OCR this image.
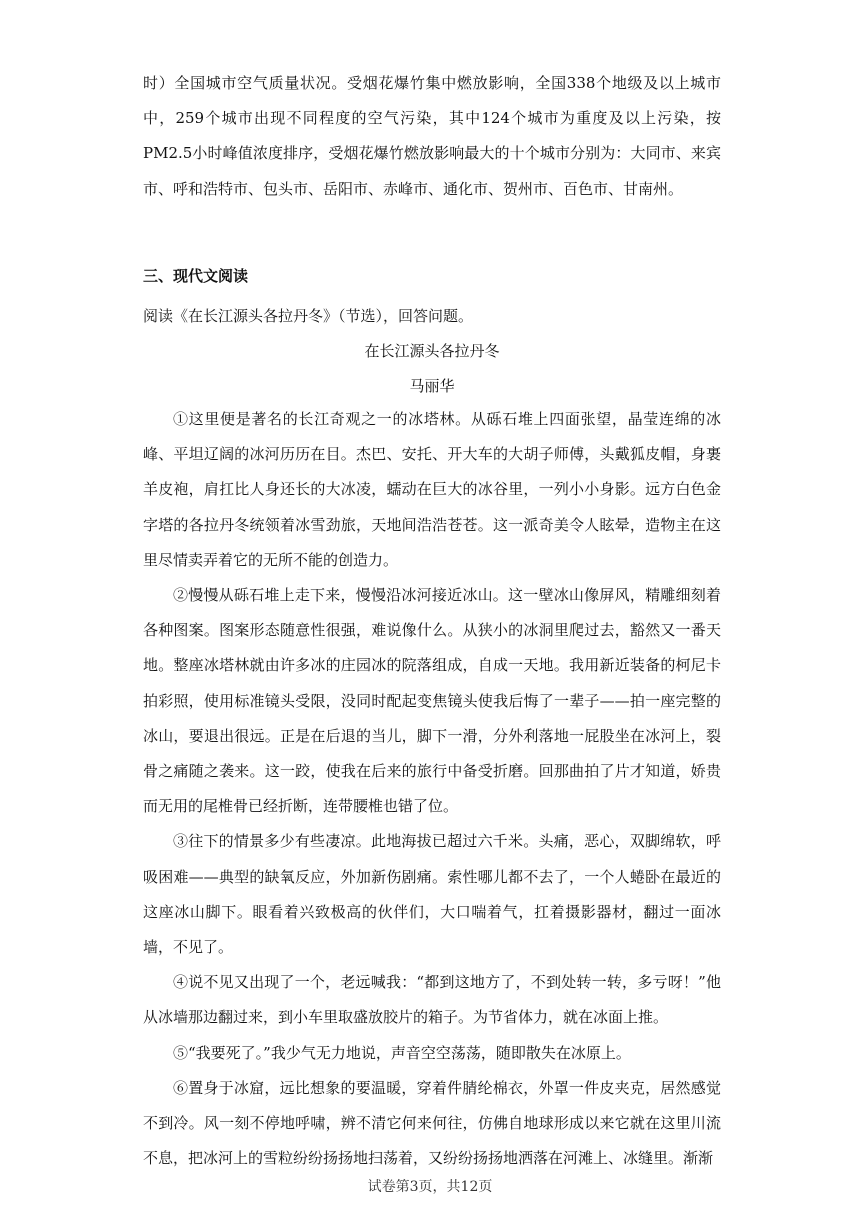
时）全国城市空气质量状况。受烟花爆竹集中燃放影响，全国338个地级及以上城市中，259个城市出现不同程度的空气污染，其中124个城市为重度及以上污染，按PM2.5小时峰值浓度排序，受烟花爆竹燃放影响最大的十个城市分别为：大同市、来宾市、呼和浩特市、包头市、岳阳市、赤峰市、通化市、贺州市、百色市、甘南州。

三、现代文阅读

阅读《在长江源头各拉丹冬》（节选），回答问题。

在长江源头各拉丹冬

马丽华

①这里便是著名的长江奇观之一的冰塔林。从砾石堆上四面张望，晶莹连绵的冰峰、平坦辽阔的冰河历历在目。杰巴、安托、开大车的大胡子师傅，头戴狐皮帽，身裹羊皮袍，肩扛比人身还长的大冰凌，蠕动在巨大的冰谷里，一列小小身影。远方白色金字塔的各拉丹冬统领着冰雪劲旅，天地间浩浩苍苍。这一派奇美令人眩晕，造物主在这里尽情卖弄着它的无所不能的创造力。

②慢慢从砾石堆上走下来，慢慢沿冰河接近冰山。这一壁冰山像屏风，精雕细刻着各种图案。图案形态随意性很强，难说像什么。从狭小的冰洞里爬过去，豁然又一番天地。整座冰塔林就由许多冰的庄园冰的院落组成，自成一天地。我用新近装备的柯尼卡拍彩照，使用标准镜头受限，没同时配起变焦镜头使我后悔了一辈子——拍一座完整的冰山，要退出很远。正是在后退的当儿，脚下一滑，分外利落地一屁股坐在冰河上，裂骨之痛随之袭来。这一跤，使我在后来的旅行中备受折磨。回那曲拍了片才知道，娇贵而无用的尾椎骨已经折断，连带腰椎也错了位。

③往下的情景多少有些凄凉。此地海拔已超过六千米。头痛，恶心，双脚绵软，呼吸困难——典型的缺氧反应，外加新伤剧痛。索性哪儿都不去了，一个人蜷卧在最近的这座冰山脚下。眼看着兴致极高的伙伴们，大口喘着气，扛着摄影器材，翻过一面冰墙，不见了。

④说不见又出现了一个，老远喊我：“都到这地方了，不到处转一转，多亏呀！”他从冰墙那边翻过来，到小车里取盛放胶片的箱子。为节省体力，就在冰面上推。

⑤“我要死了。”我少气无力地说，声音空空荡荡，随即散失在冰原上。

⑥置身于冰窟，远比想象的要温暖，穿着件腈纶棉衣，外罩一件皮夹克，居然感觉不到冷。风一刻不停地呼啸，辨不清它何来何往，仿佛自地球形成以来它就在这里川流不息，把冰河上的雪粒纷纷扬扬地扫荡着，又纷纷扬扬地洒落在河滩上、冰缝里。渐渐

试卷第3页，共12页
